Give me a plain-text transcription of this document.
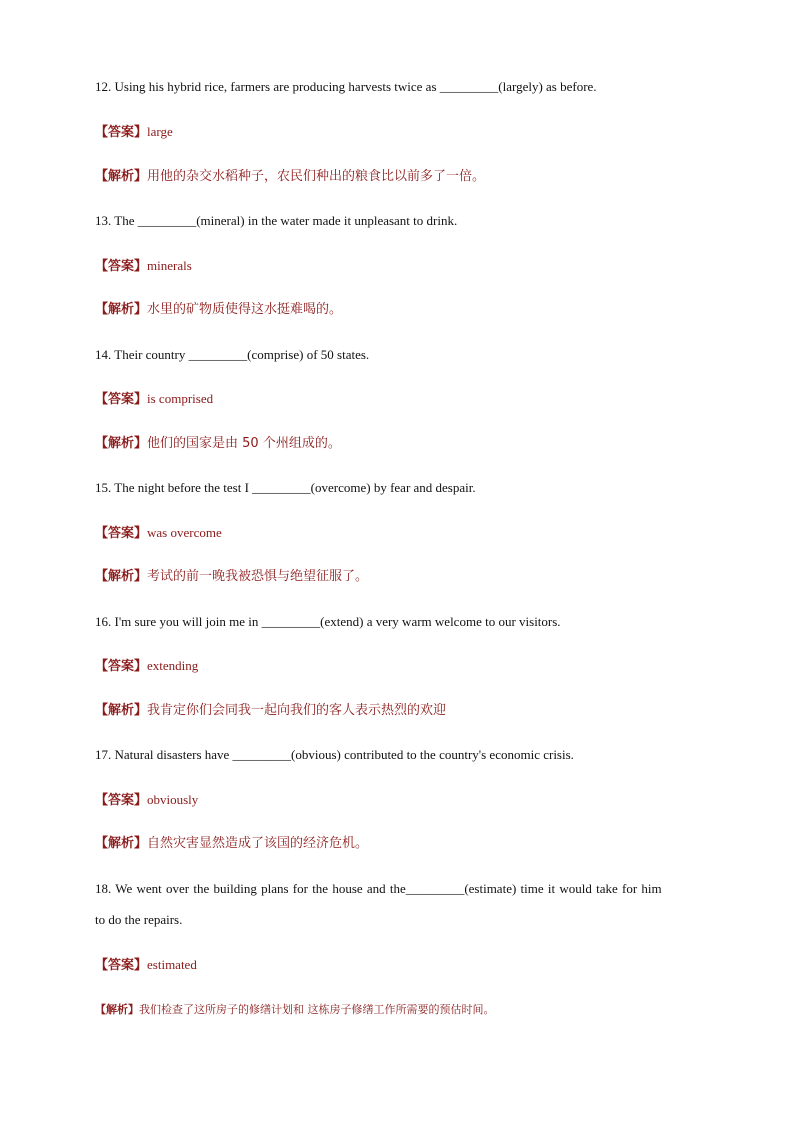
12. Using his hybrid rice, farmers are producing harvests twice as _________(largely) as before.
【答案】large
【解析】用他的杂交水稻种子，农民们种出的粮食比以前多了一倍。
13. The _________(mineral) in the water made it unpleasant to drink.
【答案】minerals
【解析】水里的矿物质使得这水挺难喝的。
14. Their country _________(comprise) of 50 states.
【答案】is comprised
【解析】他们的国家是由 50 个州组成的。
15. The night before the test I _________(overcome) by fear and despair.
【答案】was overcome
【解析】考试的前一晚我被恐惧与绝望征服了。
16. I'm sure you will join me in _________(extend) a very warm welcome to our visitors.
【答案】extending
【解析】我肯定你们会同我一起向我们的客人表示热烈的欢迎
17. Natural disasters have _________(obvious) contributed to the country's economic crisis.
【答案】obviously
【解析】自然灾害显然造成了该国的经济危机。
18. We went over the building plans for the house and the_________(estimate) time it would take for him
to do the repairs.
【答案】estimated
【解析】我们检查了这所房子的修缮计划和 这栋房子修缮工作所需要的预估时间。
